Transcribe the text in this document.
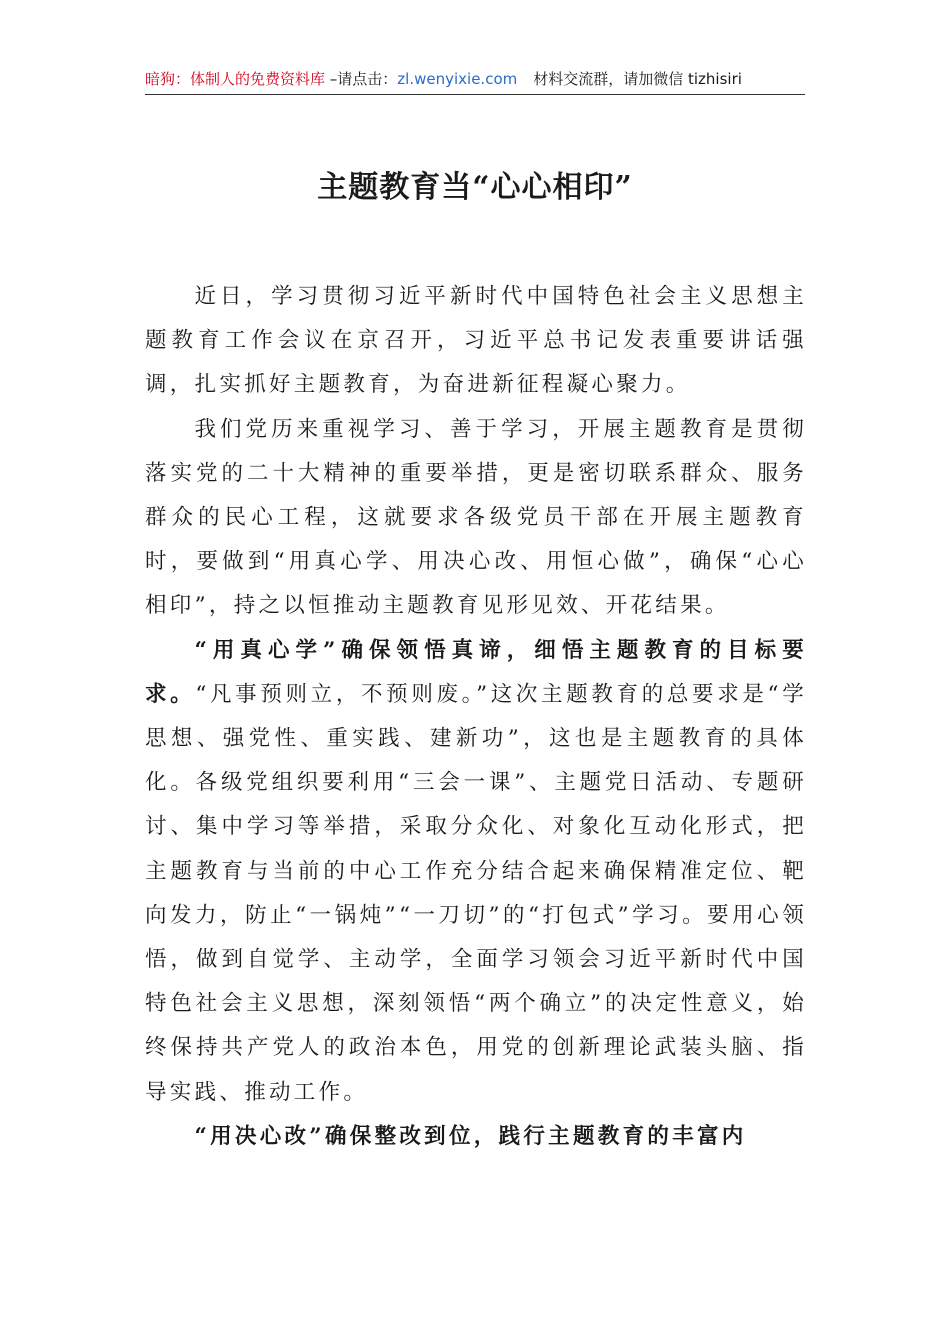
暗狗：体制人的免费资料库 –请点击：zl.wenyixie.com 材料交流群，请加微信 tizhisiri
主题教育当“心心相印”

近日，学习贯彻习近平新时代中国特色社会主义思想主题教育工作会议在京召开，习近平总书记发表重要讲话强调，扎实抓好主题教育，为奋进新征程凝心聚力。

我们党历来重视学习、善于学习，开展主题教育是贯彻落实党的二十大精神的重要举措，更是密切联系群众、服务群众的民心工程，这就要求各级党员干部在开展主题教育时，要做到“用真心学、用决心改、用恒心做”，确保“心心相印”，持之以恒推动主题教育见形见效、开花结果。

“用真心学”确保领悟真谛，细悟主题教育的目标要求。“凡事预则立，不预则废。”这次主题教育的总要求是“学思想、强党性、重实践、建新功”，这也是主题教育的具体化。各级党组织要利用“三会一课”、主题党日活动、专题研讨、集中学习等举措，采取分众化、对象化互动化形式，把主题教育与当前的中心工作充分结合起来确保精准定位、靶向发力，防止“一锅炖”“一刀切”的“打包式”学习。要用心领悟，做到自觉学、主动学，全面学习领会习近平新时代中国特色社会主义思想，深刻领悟“两个确立”的决定性意义，始终保持共产党人的政治本色，用党的创新理论武装头脑、指导实践、推动工作。

“用决心改”确保整改到位，践行主题教育的丰富内
